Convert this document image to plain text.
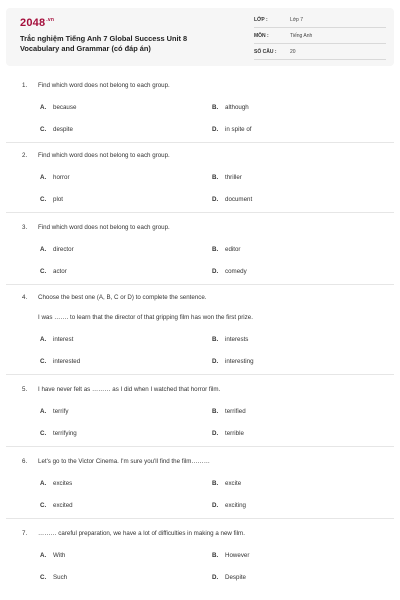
$2048^{.vn}$
Trắc nghiệm Tiếng Anh 7 Global Success Unit 8
Vocabulary and Grammar (có đáp án)
LỚP :	Lớp 7
MÔN :	Tiếng Anh
SỐ CÂU :	20
1. Find which word does not belong to each group.
A. because	B. although
C. despite	D. in spite of
2. Find which word does not belong to each group.
A. horror	B. thriller
C. plot	D. document
3. Find which word does not belong to each group.
A. director	B. editor
C. actor	D. comedy
4. Choose the best one (A, B, C or D) to complete the sentence.
I was ……. to learn that the director of that gripping film has won the first prize.
A. interest	B. interests
C. interested	D. interesting
5. I have never felt as ……… as I did when I watched that horror film.
A. terrify	B. terrified
C. terrifying	D. terrible
6. Let's go to the Victor Cinema. I'm sure you'll find the film………
A. excites	B. excite
C. excited	D. exciting
7. ……… careful preparation, we have a lot of difficulties in making a new film.
A. With	B. However
C. Such	D. Despite
